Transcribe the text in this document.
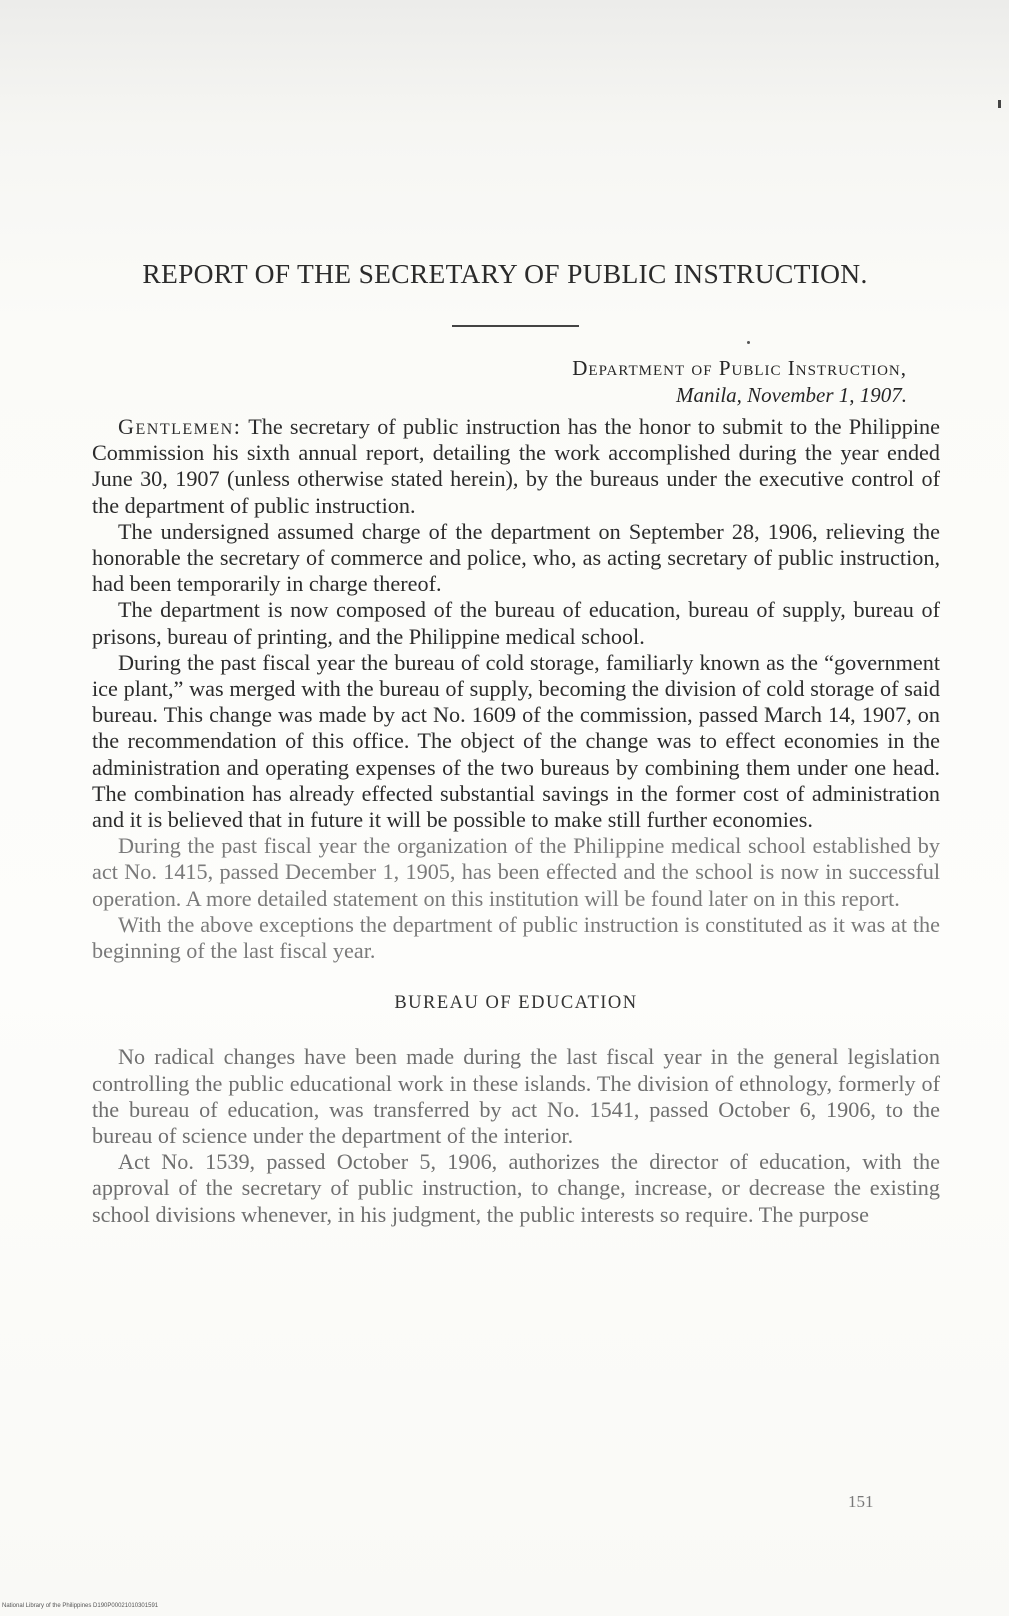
REPORT OF THE SECRETARY OF PUBLIC INSTRUCTION.
Department of Public Instruction,
Manila, November 1, 1907.

Gentlemen: The secretary of public instruction has the honor to submit to the Philippine Commission his sixth annual report, detailing the work accomplished during the year ended June 30, 1907 (unless otherwise stated herein), by the bureaus under the executive control of the department of public instruction.

The undersigned assumed charge of the department on September 28, 1906, relieving the honorable the secretary of commerce and police, who, as acting secretary of public instruction, had been temporarily in charge thereof.

The department is now composed of the bureau of education, bureau of supply, bureau of prisons, bureau of printing, and the Philippine medical school.

During the past fiscal year the bureau of cold storage, familiarly known as the “government ice plant,” was merged with the bureau of supply, becoming the division of cold storage of said bureau. This change was made by act No. 1609 of the commission, passed March 14, 1907, on the recommendation of this office. The object of the change was to effect economies in the administration and operating expenses of the two bureaus by combining them under one head. The combination has already effected substantial savings in the former cost of administration and it is believed that in future it will be possible to make still further economies.

During the past fiscal year the organization of the Philippine medical school established by act No. 1415, passed December 1, 1905, has been effected and the school is now in successful operation. A more detailed statement on this institution will be found later on in this report.

With the above exceptions the department of public instruction is constituted as it was at the beginning of the last fiscal year.

BUREAU OF EDUCATION

No radical changes have been made during the last fiscal year in the general legislation controlling the public educational work in these islands. The division of ethnology, formerly of the bureau of education, was transferred by act No. 1541, passed October 6, 1906, to the bureau of science under the department of the interior.

Act No. 1539, passed October 5, 1906, authorizes the director of education, with the approval of the secretary of public instruction, to change, increase, or decrease the existing school divisions whenever, in his judgment, the public interests so require. The purpose

151
National Library of the Philippines D190P00021010301591
